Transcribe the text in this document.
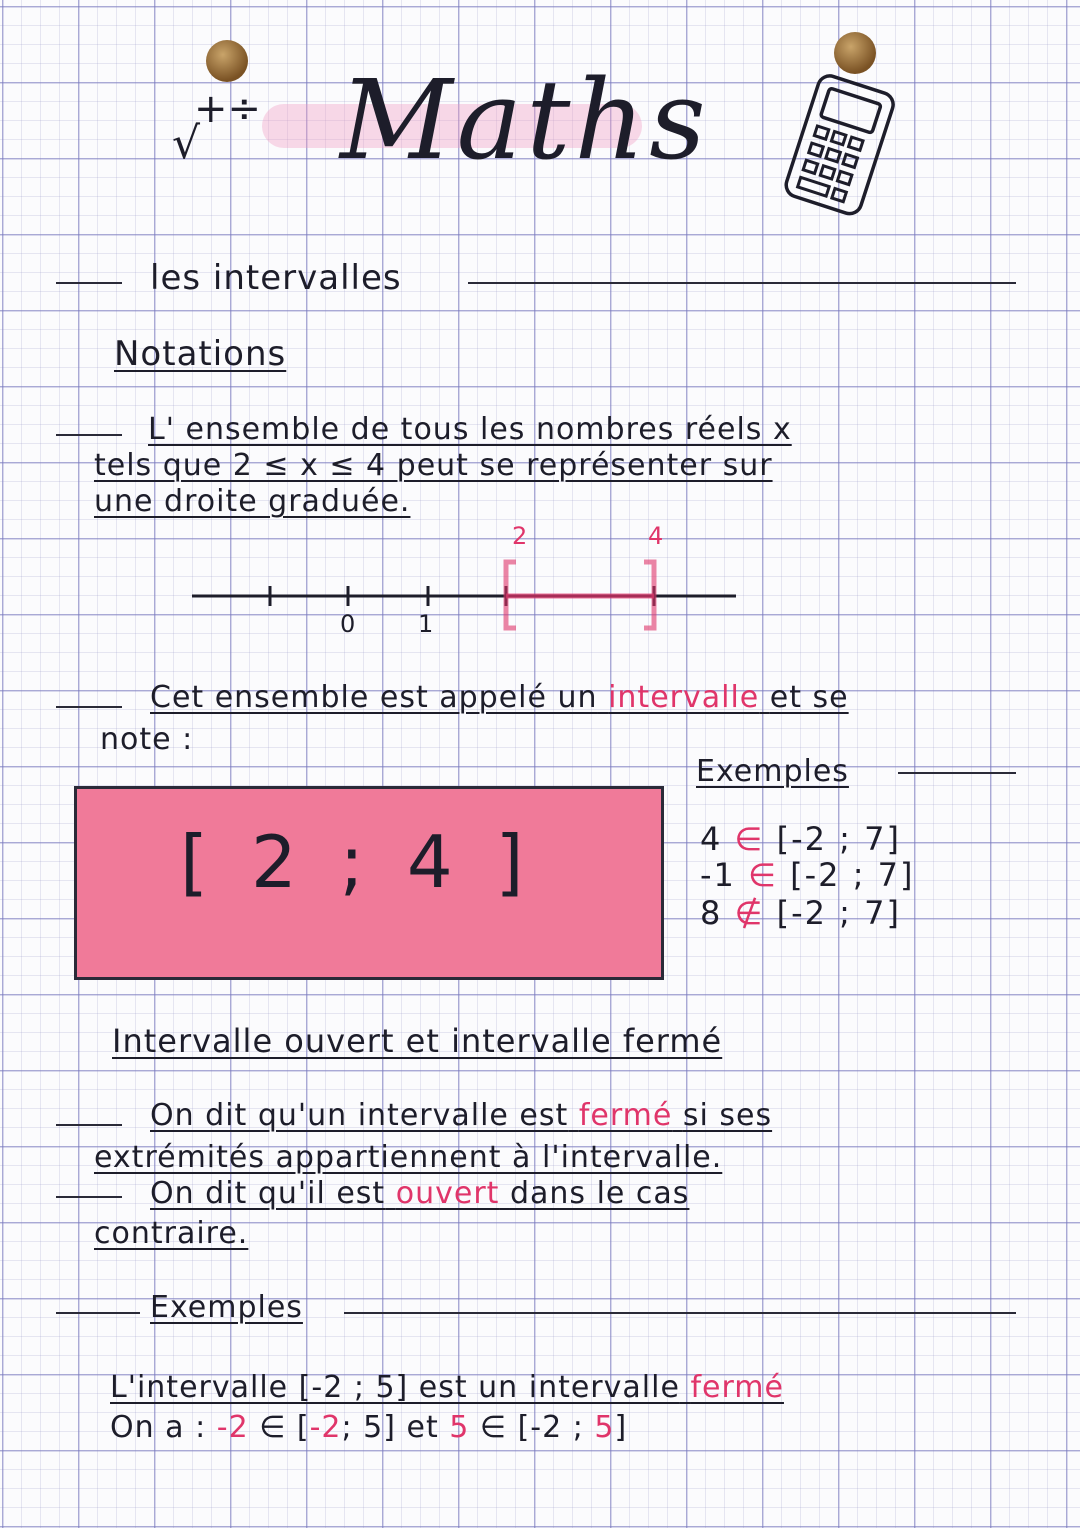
+÷
√ Maths
les intervalles
Notations
L' ensemble de tous les nombres réels x
tels que 2 ≤ x ≤ 4 peut se représenter sur
une droite graduée.
0	1
2	4
Cet ensemble est appelé un intervalle et se
note :
[ 2 ; 4 ]
Exemples
4 ∈ [-2 ; 7]
-1 ∈ [-2 ; 7]
8 ∉ [-2 ; 7]
Intervalle ouvert et intervalle fermé
On dit qu'un intervalle est fermé si ses
extrémités appartiennent à l'intervalle.
On dit qu'il est ouvert dans le cas
contraire.
Exemples
L'intervalle [-2 ; 5] est un intervalle fermé
On a : -2 ∈ [-2; 5] et 5 ∈ [-2 ; 5]
